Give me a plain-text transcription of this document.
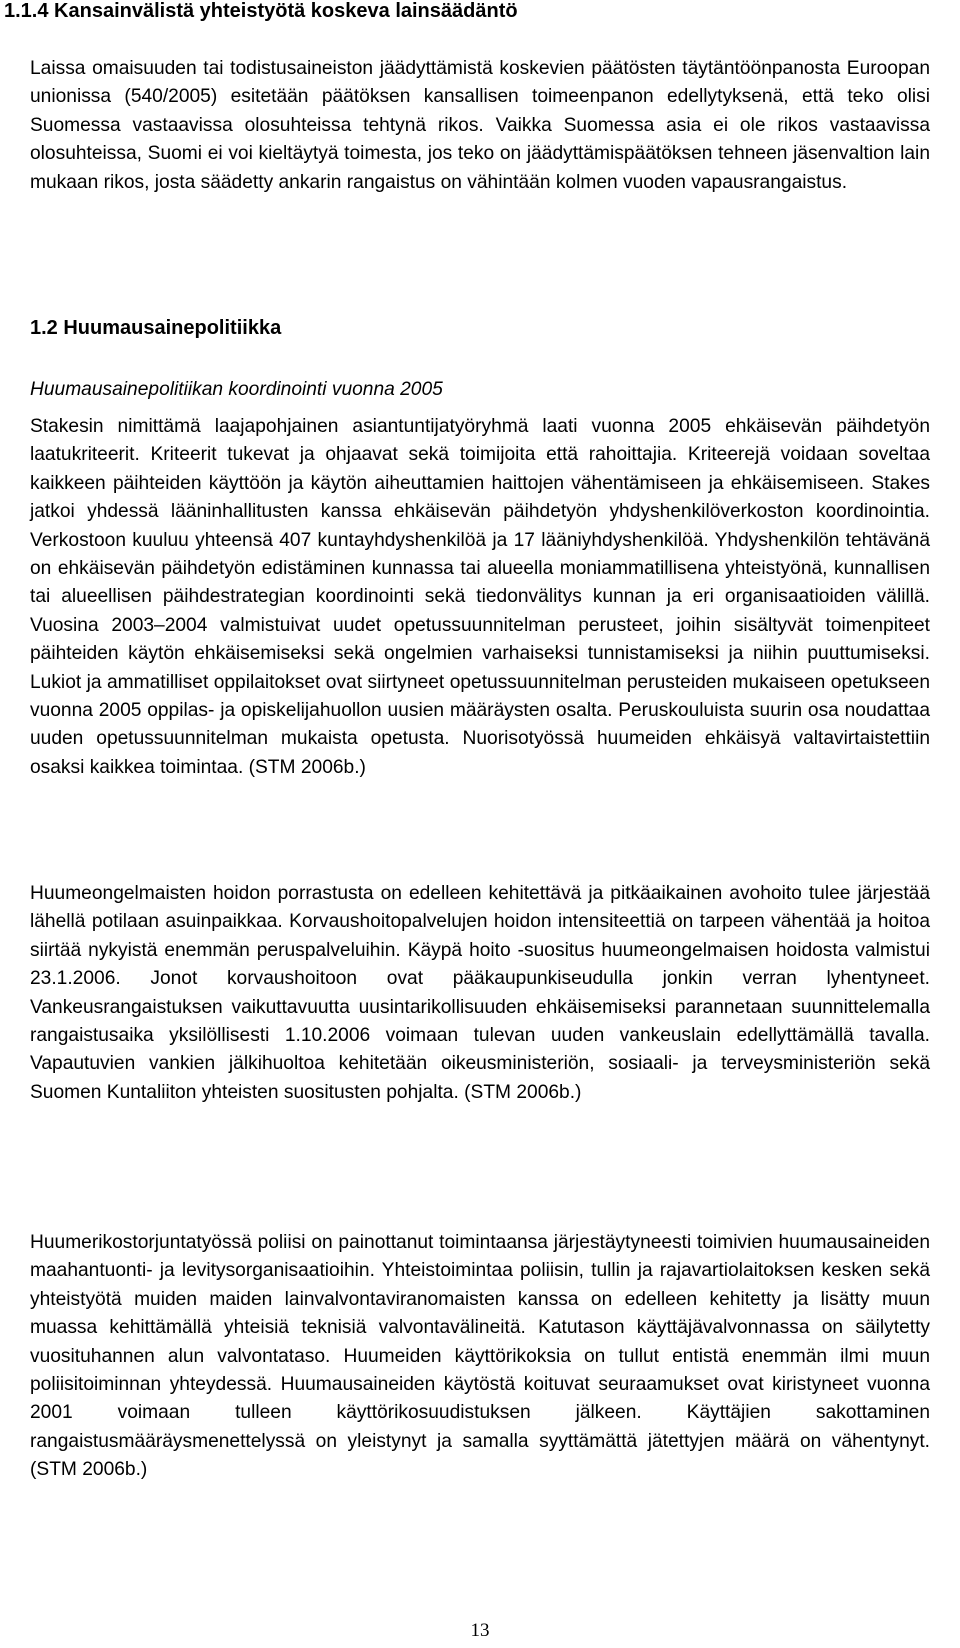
1.1.4 Kansainvälistä yhteistyötä koskeva lainsäädäntö

Laissa omaisuuden tai todistusaineiston jäädyttämistä koskevien päätösten täytäntöönpanosta Euroopan unionissa (540/2005) esitetään päätöksen kansallisen toimeenpanon edellytyksenä, että teko olisi Suomessa vastaavissa olosuhteissa tehtynä rikos. Vaikka Suomessa asia ei ole rikos vastaavissa olosuhteissa, Suomi ei voi kieltäytyä toimesta, jos teko on jäädyttämispäätöksen tehneen jäsenvaltion lain mukaan rikos, josta säädetty ankarin rangaistus on vähintään kolmen vuoden vapausrangaistus.

1.2 Huumausainepolitiikka

Huumausainepolitiikan koordinointi vuonna 2005

Stakesin nimittämä laajapohjainen asiantuntijatyöryhmä laati vuonna 2005 ehkäisevän päihdetyön laatukriteerit. Kriteerit tukevat ja ohjaavat sekä toimijoita että rahoittajia. Kriteerejä voidaan soveltaa kaikkeen päihteiden käyttöön ja käytön aiheuttamien haittojen vähentämiseen ja ehkäisemiseen. Stakes jatkoi yhdessä lääninhallitusten kanssa ehkäisevän päihdetyön yhdyshenkilöverkoston koordinointia. Verkostoon kuuluu yhteensä 407 kuntayhdyshenkilöä ja 17 lääniyhdyshenkilöä. Yhdyshenkilön tehtävänä on ehkäisevän päihdetyön edistäminen kunnassa tai alueella moniammatillisena yhteistyönä, kunnallisen tai alueellisen päihdestrategian koordinointi sekä tiedonvälitys kunnan ja eri organisaatioiden välillä. Vuosina 2003–2004 valmistuivat uudet opetussuunnitelman perusteet, joihin sisältyvät toimenpiteet päihteiden käytön ehkäisemiseksi sekä ongelmien varhaiseksi tunnistamiseksi ja niihin puuttumiseksi. Lukiot ja ammatilliset oppilaitokset ovat siirtyneet opetussuunnitelman perusteiden mukaiseen opetukseen vuonna 2005 oppilas- ja opiskelijahuollon uusien määräysten osalta. Peruskouluista suurin osa noudattaa uuden opetussuunnitelman mukaista opetusta. Nuorisotyössä huumeiden ehkäisyä valtavirtaistettiin osaksi kaikkea toimintaa. (STM 2006b.)

Huumeongelmaisten hoidon porrastusta on edelleen kehitettävä ja pitkäaikainen avohoito tulee järjestää lähellä potilaan asuinpaikkaa. Korvaushoitopalvelujen hoidon intensiteettiä on tarpeen vähentää ja hoitoa siirtää nykyistä enemmän peruspalveluihin. Käypä hoito -suositus huumeongelmaisen hoidosta valmistui 23.1.2006. Jonot korvaushoitoon ovat pääkaupunkiseudulla jonkin verran lyhentyneet. Vankeusrangaistuksen vaikuttavuutta uusintarikollisuuden ehkäisemiseksi parannetaan suunnittelemalla rangaistusaika yksilöllisesti 1.10.2006 voimaan tulevan uuden vankeuslain edellyttämällä tavalla. Vapautuvien vankien jälkihuoltoa kehitetään oikeusministeriön, sosiaali- ja terveysministeriön sekä Suomen Kuntaliiton yhteisten suositusten pohjalta. (STM 2006b.)

Huumerikostorjuntatyössä poliisi on painottanut toimintaansa järjestäytyneesti toimivien huumausaineiden maahantuonti- ja levitysorganisaatioihin. Yhteistoimintaa poliisin, tullin ja rajavartiolaitoksen kesken sekä yhteistyötä muiden maiden lainvalvontaviranomaisten kanssa on edelleen kehitetty ja lisätty muun muassa kehittämällä yhteisiä teknisiä valvontavälineitä. Katutason käyttäjävalvonnassa on säilytetty vuosituhannen alun valvontataso. Huumeiden käyttörikoksia on tullut entistä enemmän ilmi muun poliisitoiminnan yhteydessä. Huumausaineiden käytöstä koituvat seuraamukset ovat kiristyneet vuonna 2001 voimaan tulleen käyttörikosuudistuksen jälkeen. Käyttäjien sakottaminen rangaistusmääräysmenettelyssä on yleistynyt ja samalla syyttämättä jätettyjen määrä on vähentynyt. (STM 2006b.)

13
